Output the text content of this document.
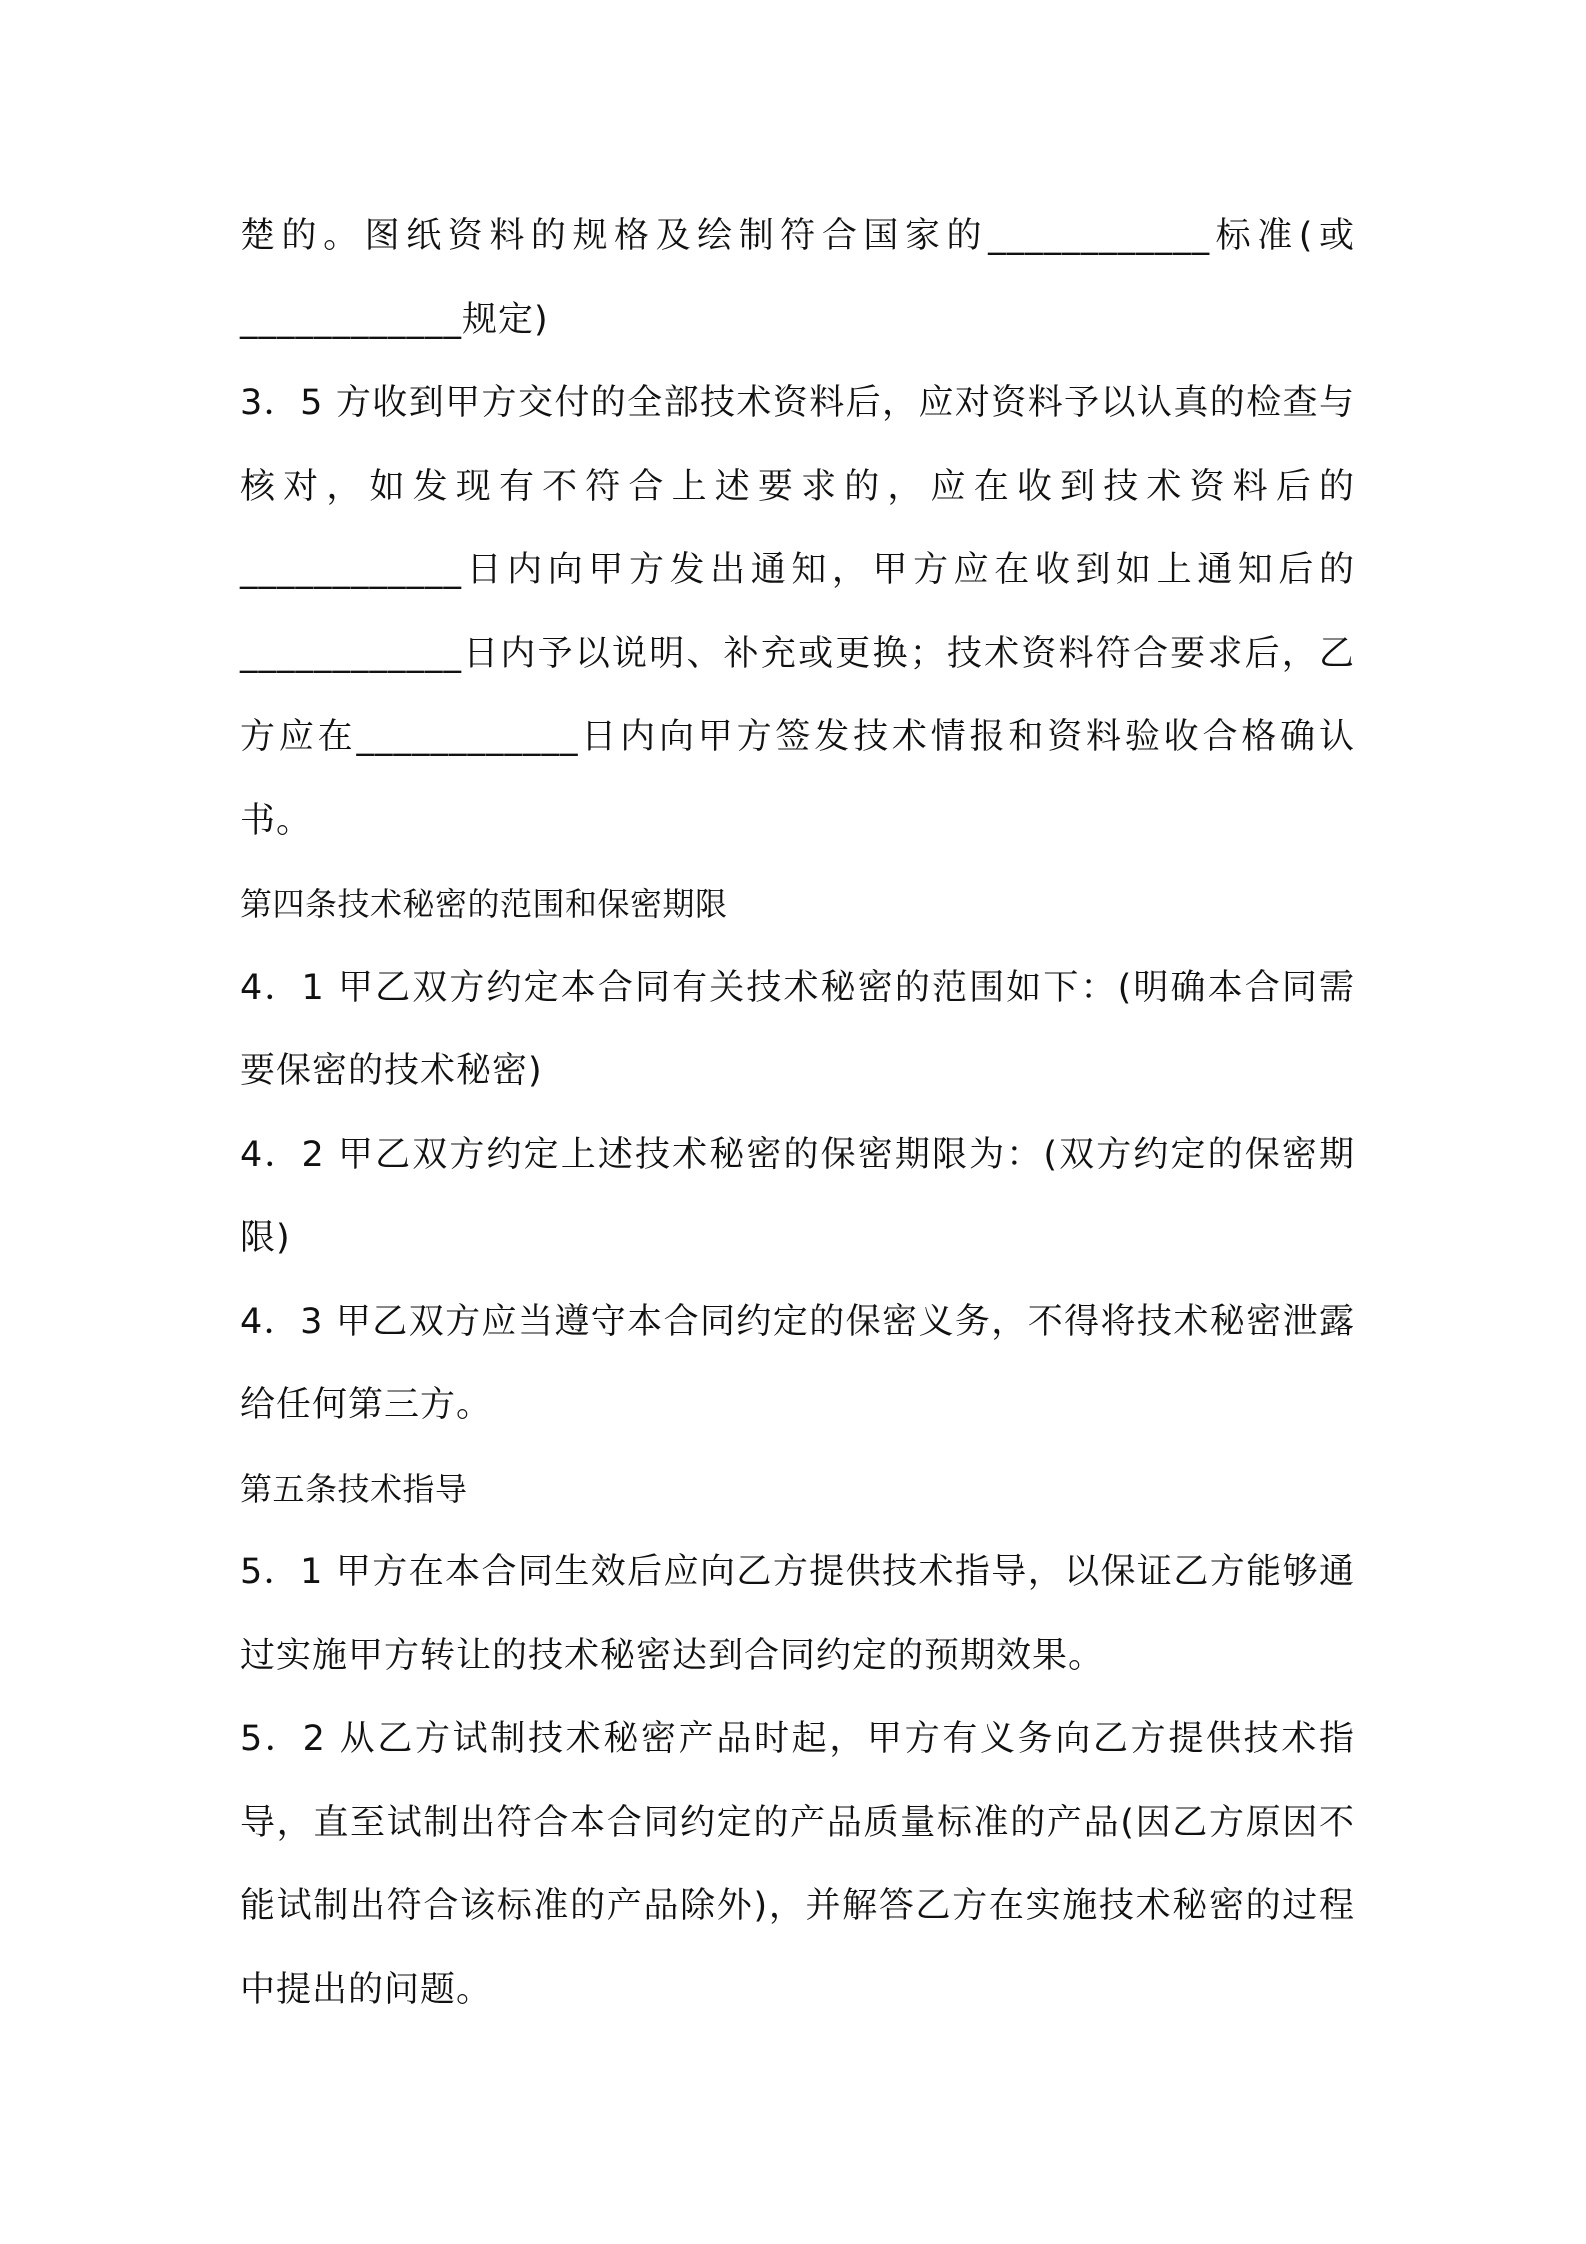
楚的。图纸资料的规格及绘制符合国家的____________标准(或____________规定)

3．5 方收到甲方交付的全部技术资料后，应对资料予以认真的检查与核对，如发现有不符合上述要求的，应在收到技术资料后的____________日内向甲方发出通知，甲方应在收到如上通知后的____________日内予以说明、补充或更换；技术资料符合要求后，乙方应在____________日内向甲方签发技术情报和资料验收合格确认书。

第四条技术秘密的范围和保密期限

4．1 甲乙双方约定本合同有关技术秘密的范围如下：(明确本合同需要保密的技术秘密)

4．2 甲乙双方约定上述技术秘密的保密期限为：(双方约定的保密期限)

4．3 甲乙双方应当遵守本合同约定的保密义务，不得将技术秘密泄露给任何第三方。

第五条技术指导

5．1 甲方在本合同生效后应向乙方提供技术指导，以保证乙方能够通过实施甲方转让的技术秘密达到合同约定的预期效果。

5．2 从乙方试制技术秘密产品时起，甲方有义务向乙方提供技术指导，直至试制出符合本合同约定的产品质量标准的产品(因乙方原因不能试制出符合该标准的产品除外)，并解答乙方在实施技术秘密的过程中提出的问题。
